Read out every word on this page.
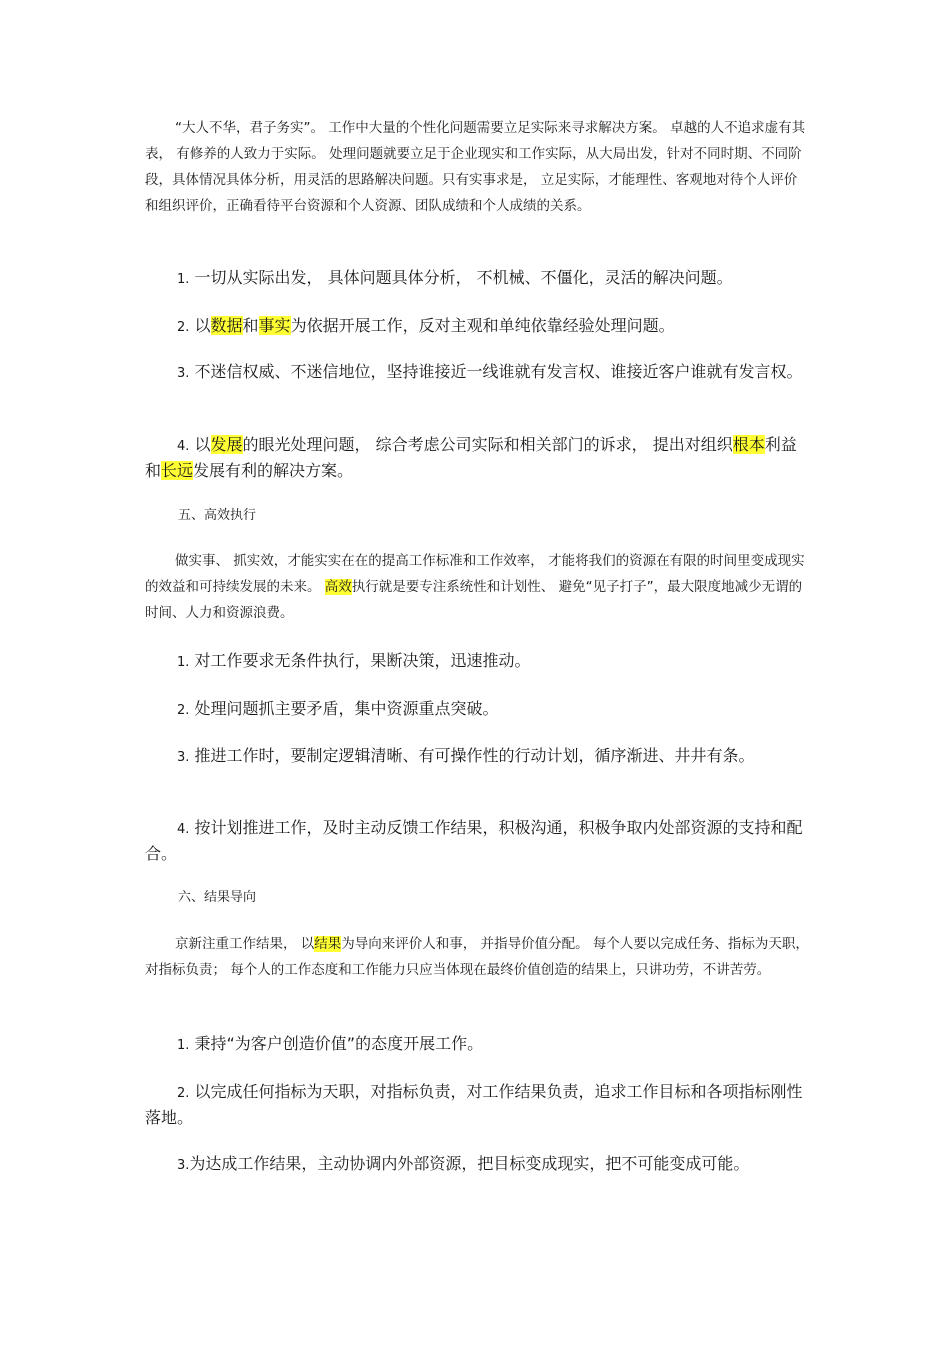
“大人不华，君子务实”。 工作中大量的个性化问题需要立足实际来寻求解决方案。 卓越的人不追求虚有其表， 有修养的人致力于实际。 处理问题就要立足于企业现实和工作实际，从大局出发，针对不同时期、不同阶段，具体情况具体分析，用灵活的思路解决问题。只有实事求是， 立足实际，才能理性、客观地对待个人评价和组织评价，正确看待平台资源和个人资源、团队成绩和个人成绩的关系。
1. 一切从实际出发， 具体问题具体分析， 不机械、不僵化，灵活的解决问题。
2. 以数据和事实为依据开展工作，反对主观和单纯依靠经验处理问题。
3. 不迷信权威、不迷信地位，坚持谁接近一线谁就有发言权、谁接近客户谁就有发言权。
4. 以发展的眼光处理问题， 综合考虑公司实际和相关部门的诉求， 提出对组织根本利益和长远发展有利的解决方案。
五、高效执行
做实事、 抓实效，才能实实在在的提高工作标准和工作效率， 才能将我们的资源在有限的时间里变成现实的效益和可持续发展的未来。 高效执行就是要专注系统性和计划性、 避免“见子打子”，最大限度地减少无谓的时间、人力和资源浪费。
1. 对工作要求无条件执行，果断决策，迅速推动。
2. 处理问题抓主要矛盾，集中资源重点突破。
3. 推进工作时，要制定逻辑清晰、有可操作性的行动计划，循序渐进、井井有条。
4. 按计划推进工作，及时主动反馈工作结果，积极沟通，积极争取内处部资源的支持和配合。
六、结果导向
京新注重工作结果， 以结果为导向来评价人和事， 并指导价值分配。 每个人要以完成任务、指标为天职， 对指标负责； 每个人的工作态度和工作能力只应当体现在最终价值创造的结果上，只讲功劳，不讲苦劳。
1. 秉持“为客户创造价值”的态度开展工作。
2. 以完成任何指标为天职，对指标负责，对工作结果负责，追求工作目标和各项指标刚性落地。
3.为达成工作结果，主动协调内外部资源，把目标变成现实，把不可能变成可能。
